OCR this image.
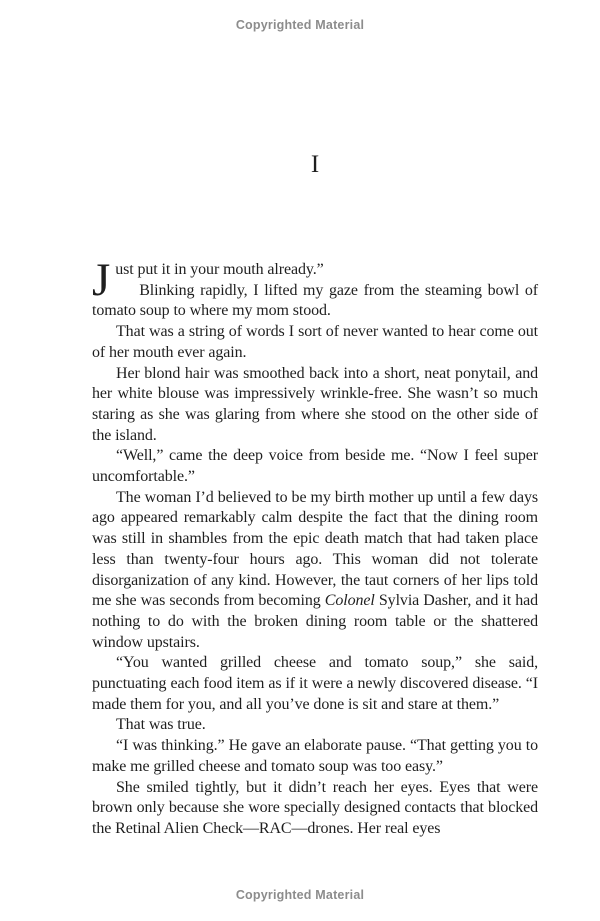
Copyrighted Material
I

Just put it in your mouth already.”

Blinking rapidly, I lifted my gaze from the steaming bowl of tomato soup to where my mom stood.

That was a string of words I sort of never wanted to hear come out of her mouth ever again.

Her blond hair was smoothed back into a short, neat ponytail, and her white blouse was impressively wrinkle-free. She wasn’t so much staring as she was glaring from where she stood on the other side of the island.

“Well,” came the deep voice from beside me. “Now I feel super uncomfortable.”

The woman I’d believed to be my birth mother up until a few days ago appeared remarkably calm despite the fact that the dining room was still in shambles from the epic death match that had taken place less than twenty-four hours ago. This woman did not tolerate disorganization of any kind. However, the taut corners of her lips told me she was seconds from becoming Colonel Sylvia Dasher, and it had nothing to do with the broken dining room table or the shattered window upstairs.

“You wanted grilled cheese and tomato soup,” she said, punctuating each food item as if it were a newly discovered disease. “I made them for you, and all you’ve done is sit and stare at them.”

That was true.

“I was thinking.” He gave an elaborate pause. “That getting you to make me grilled cheese and tomato soup was too easy.”

She smiled tightly, but it didn’t reach her eyes. Eyes that were brown only because she wore specially designed contacts that blocked the Retinal Alien Check—RAC—drones. Her real eyes

Copyrighted Material
